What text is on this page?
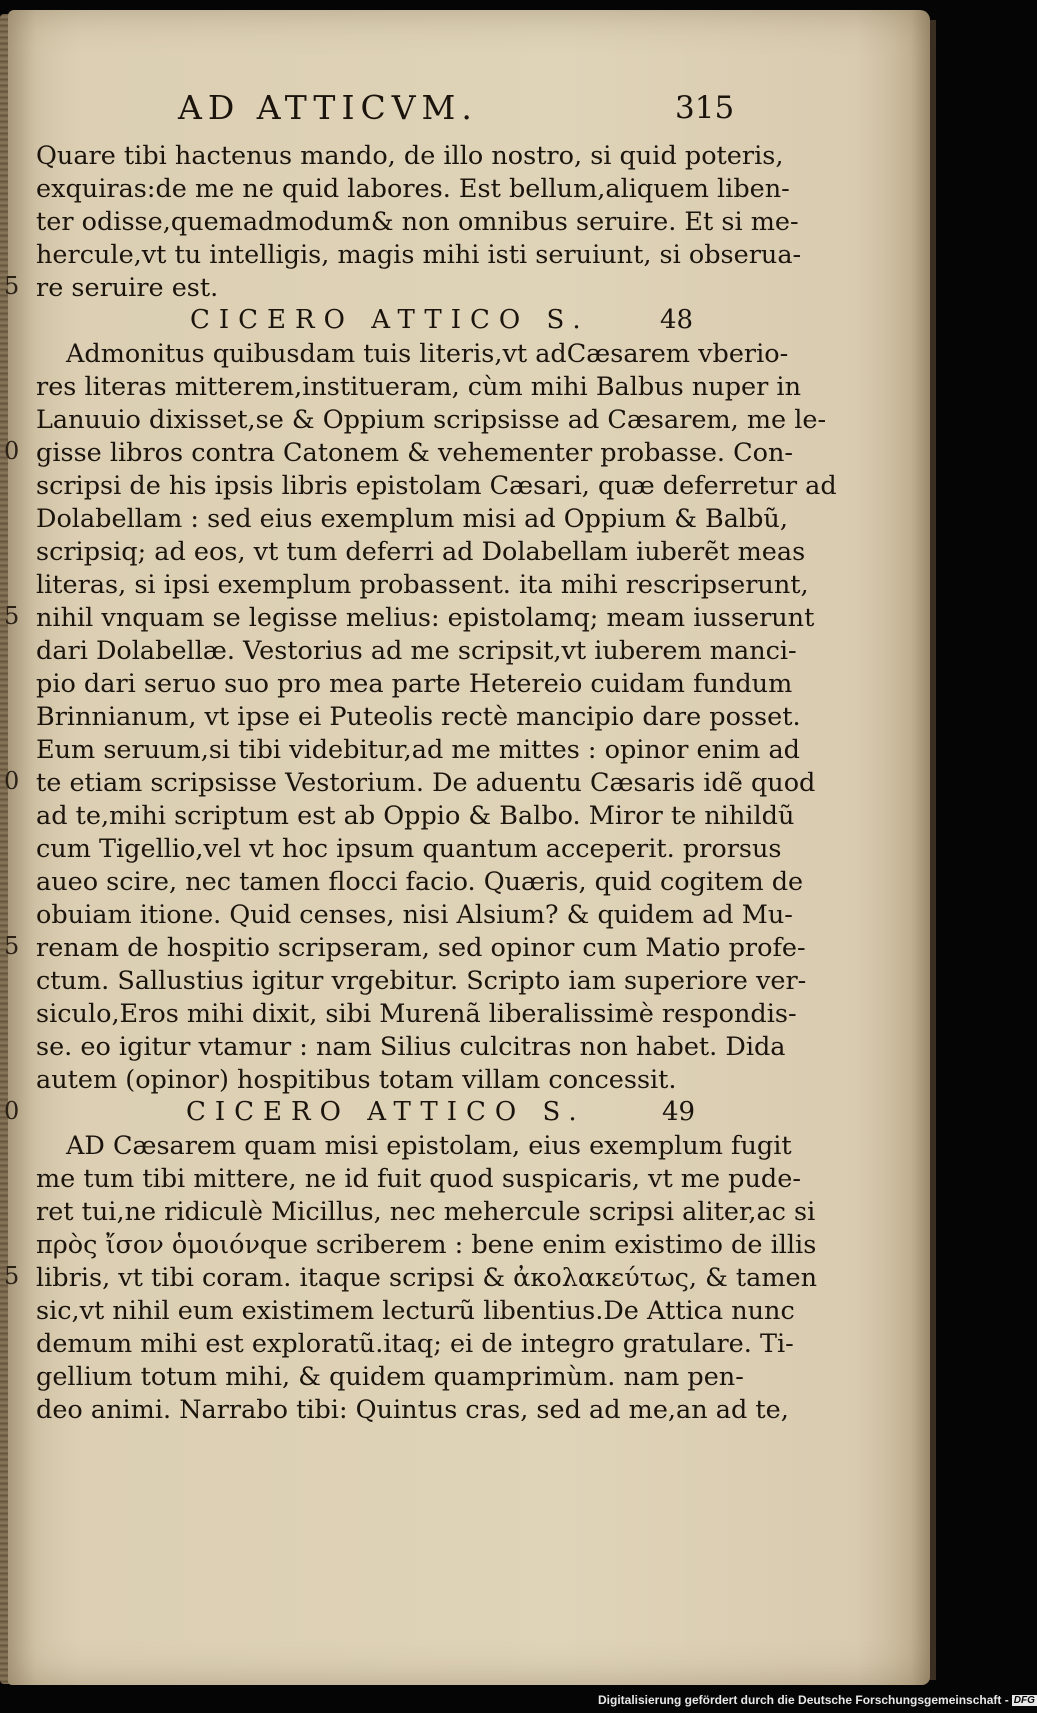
AD ATTICVM.	315
Quare tibi hactenus mando, de illo nostro, si quid poteris,
exquiras:de me ne quid labores. Est bellum,aliquem liben-
ter odisse,quemadmodum& non omnibus seruire. Et si me-
hercule,vt tu intelligis, magis mihi isti seruiunt, si obserua-
re seruire est.
CICERO ATTICO S.	48
Admonitus quibusdam tuis literis,vt adCæsarem vberio-
res literas mitterem,institueram, cùm mihi Balbus nuper in
Lanuuio dixisset,se & Oppium scripsisse ad Cæsarem, me le-
gisse libros contra Catonem & vehementer probasse. Con-
scripsi de his ipsis libris epistolam Cæsari, quæ deferretur ad
Dolabellam : sed eius exemplum misi ad Oppium & Balbũ,
scripsiq; ad eos, vt tum deferri ad Dolabellam iuberẽt meas
literas, si ipsi exemplum probassent. ita mihi rescripserunt,
nihil vnquam se legisse melius: epistolamq; meam iusserunt
dari Dolabellæ. Vestorius ad me scripsit,vt iuberem manci-
pio dari seruo suo pro mea parte Hetereio cuidam fundum
Brinnianum, vt ipse ei Puteolis rectè mancipio dare posset.
Eum seruum,si tibi videbitur,ad me mittes : opinor enim ad
te etiam scripsisse Vestorium. De aduentu Cæsaris idẽ quod
ad te,mihi scriptum est ab Oppio & Balbo. Miror te nihildũ
cum Tigellio,vel vt hoc ipsum quantum acceperit. prorsus
aueo scire, nec tamen flocci facio. Quæris, quid cogitem de
obuiam itione. Quid censes, nisi Alsium? & quidem ad Mu-
renam de hospitio scripseram, sed opinor cum Matio profe-
ctum. Sallustius igitur vrgebitur. Scripto iam superiore ver-
siculo,Eros mihi dixit, sibi Murenã liberalissimè respondis-
se. eo igitur vtamur : nam Silius culcitras non habet. Dida
autem (opinor) hospitibus totam villam concessit.
CICERO ATTICO S.	49
AD Cæsarem quam misi epistolam, eius exemplum fugit
me tum tibi mittere, ne id fuit quod suspicaris, vt me pude-
ret tui,ne ridiculè Micillus, nec mehercule scripsi aliter,ac si
πρὸς ἴσον ὁμοιόνque scriberem : bene enim existimo de illis
libris, vt tibi coram. itaque scripsi & ἀκολακεύτως, & tamen
sic,vt nihil eum existimem lecturũ libentius.De Attica nunc
demum mihi est exploratũ.itaq; ei de integro gratulare. Ti-
gellium totum mihi, & quidem quamprimùm. nam pen-
deo animi. Narrabo tibi: Quintus cras, sed ad me,an ad te,
5
0
5
0
5
0
5
Digitalisierung gefördert durch die Deutsche Forschungsgemeinschaft - DFG
